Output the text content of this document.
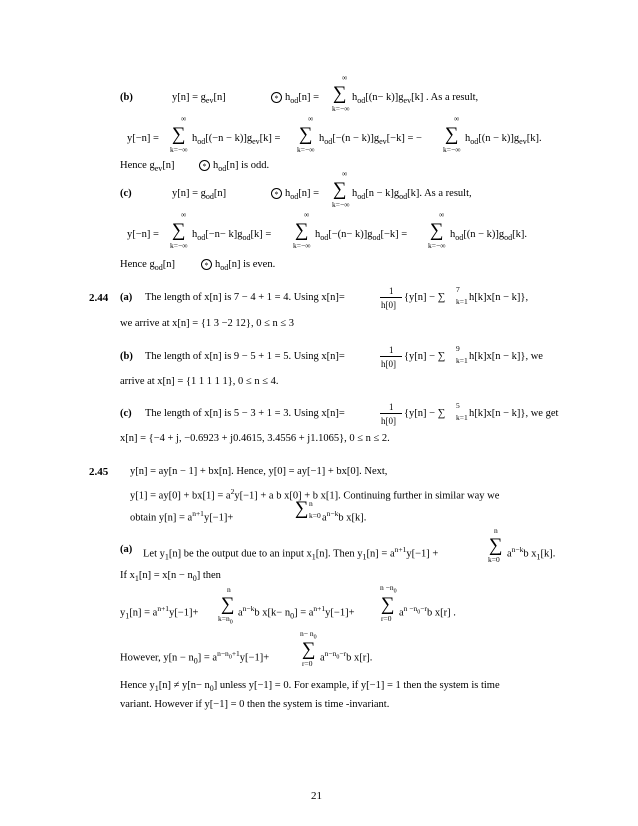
(b)	$y[n] = g_{ev}[n]$	* $h_{od}[n]$ =
∞
∑
k=−∞
$h_{od}[(n- k)]g_{ev}[k]$ . As a result,
y[−n] =
∞
∑
k=−∞
$h_{od}[(-n - k)]g_{ev}[k]$ =
∞
∑
k=−∞
$h_{od}[-(n - k)]g_{ev}[-k]$ = −
∞
∑
k=−∞
$h_{od}[(n - k)]g_{ev}[k]$.
Hence $g_{ev}[n]$	* $h_{od}[n]$ is odd.
(c)	$y[n] = g_{od}[n]$	* $h_{od}[n]$ =
∞
∑
k=−∞
$h_{od}[n - k]g_{od}[k]$. As a result,
y[−n] =
∞
∑
k=−∞
$h_{od}[-n- k]g_{od}[k]$ =
∞
∑
k=−∞
$h_{od}[-(n- k)]g_{od}[-k]$ =
∞
∑
k=−∞
$h_{od}[(n - k)]g_{od}[k]$.
Hence $g_{od}[n]$	* $h_{od}[n]$ is even.
2.44 (a) The length of x[n] is 7 − 4 + 1 = 4. Using x[n]=
1
h[0]
{y[n] − ∑
7
k=1 h[k]x[n − k]},
we arrive at x[n] = {1 3 −2 12}, 0 ≤ n ≤ 3
(b) The length of x[n] is 9 − 5 + 1 = 5. Using x[n]=
1
h[0]
{y[n] − ∑
9
k=1 h[k]x[n − k]}, we
arrive at x[n] = {1 1 1 1 1}, 0 ≤ n ≤ 4.
(c) The length of x[n] is 5 − 3 + 1 = 3. Using x[n]=
1
h[0]
{y[n] − ∑
5
k=1 h[k]x[n − k]}, we get
x[n] = {−4 + j, −0.6923 + j0.4615, 3.4556 + j1.1065}, 0 ≤ n ≤ 2.
2.45 y[n] = ay[n − 1] + bx[n]. Hence, y[0] = ay[−1] + bx[0]. Next,
$y[1] = ay[0] + bx[1] = a^2y[-1] + a$ b x[0] + b x[1]. Continuing further in similar way we
obtain $y[n] = a^{n+1}y[-1]+$	∑ n
k=0 $a^{n-k}b$ x[k].
(a) Let $y_1[n]$ be the output due to an input $x_1[n]$. Then $y_1[n] = a^{n+1}y[-1]$ +
n
∑
k=0 $a^{n-k}b$ $x_1[k]$.
If $x_1[n] = x[n - n_0]$ then
$y_1[n] = a^{n+1}y[-1]+$
n
∑
$k=n_0$
$a^{n-k}b$ $x[k- n_0] = a^{n+1}y[-1]+$
$n -n_0$
∑
r=0 $a^{n -n_0-r}b$ x[r] .
However, $y[n - n_0] = a^{n-n_0+1}y[-1]+$
$n- n_0$
∑
r=0 $a^{n-n_0-r}b$ x[r].
Hence $y_1[n] \ne y[n- n_0]$ unless y[−1] = 0. For example, if y[−1] = 1 then the system is time
variant. However if y[−1] = 0 then the system is time -invariant.
21
